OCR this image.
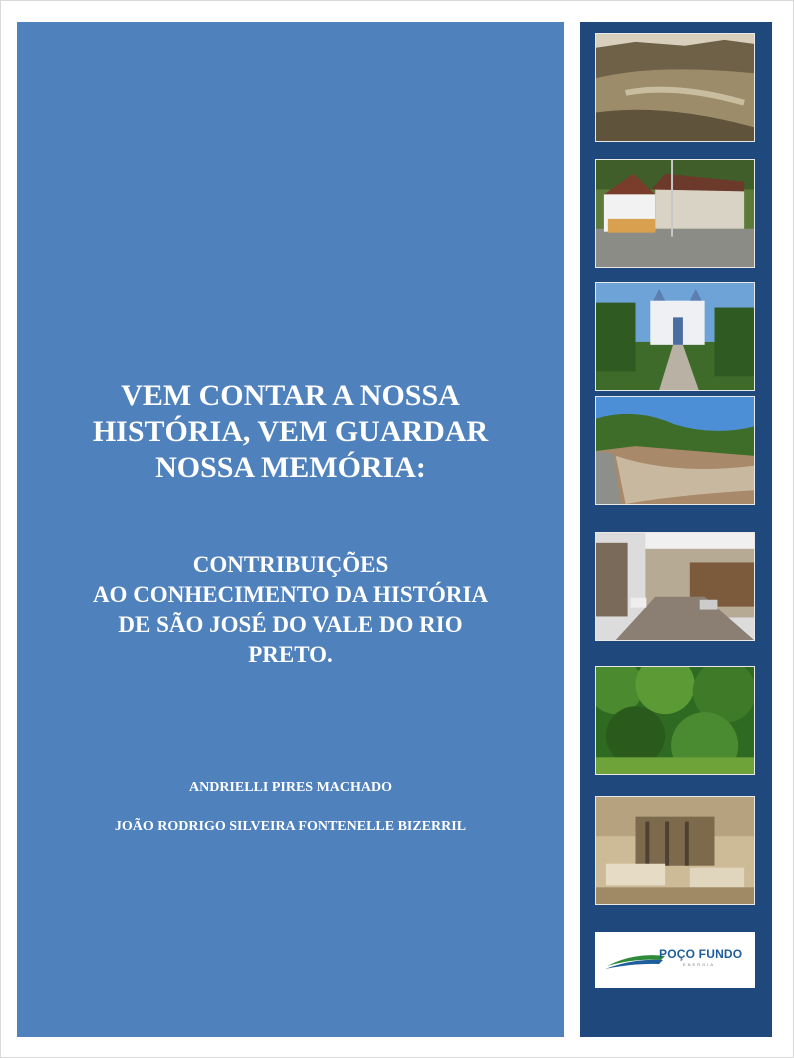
VEM CONTAR A NOSSA
HISTÓRIA, VEM GUARDAR
NOSSA MEMÓRIA:
CONTRIBUIÇÕES
AO CONHECIMENTO DA HISTÓRIA
DE SÃO JOSÉ DO VALE DO RIO
PRETO.
ANDRIELLI PIRES MACHADO
JOÃO RODRIGO SILVEIRA FONTENELLE BIZERRIL
POÇO FUNDO
ENERGIA
